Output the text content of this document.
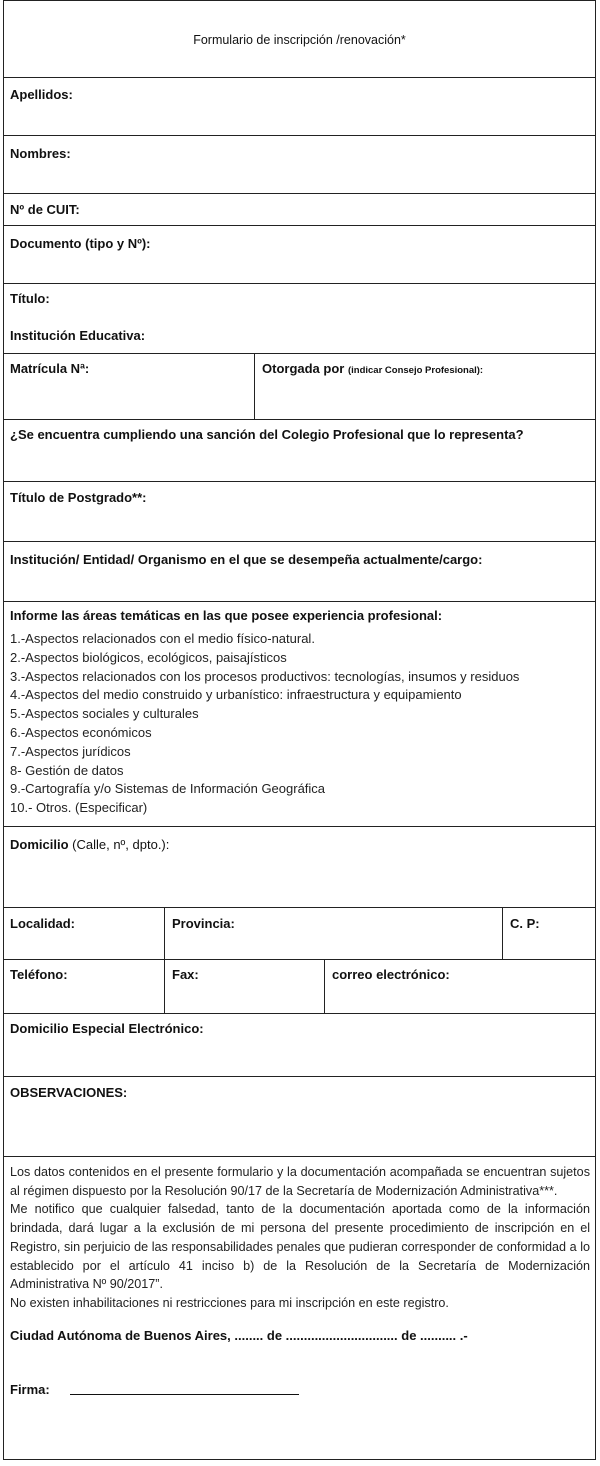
Formulario de inscripción /renovación*
Apellidos:
Nombres:
Nº de CUIT:
Documento (tipo y Nº):
Título:
Institución Educativa:
Matrícula Nª:	Otorgada por (indicar Consejo Profesional):
¿Se encuentra cumpliendo una sanción del Colegio Profesional que lo representa?
Título de Postgrado**:
Institución/ Entidad/ Organismo en el que se desempeña actualmente/cargo:
Informe las áreas temáticas en las que posee experiencia profesional:
1.-Aspectos relacionados con el medio físico-natural.
2.-Aspectos biológicos, ecológicos, paisajísticos
3.-Aspectos relacionados con los procesos productivos: tecnologías, insumos y residuos
4.-Aspectos del medio construido y urbanístico: infraestructura y equipamiento
5.-Aspectos sociales y culturales
6.-Aspectos económicos
7.-Aspectos jurídicos
8- Gestión de datos
9.-Cartografía y/o Sistemas de Información Geográfica
10.- Otros. (Especificar)
Domicilio (Calle, nº, dpto.):
Localidad:	Provincia:	C. P:
Teléfono:	Fax:	correo electrónico:
Domicilio Especial Electrónico:
OBSERVACIONES:

Los datos contenidos en el presente formulario y la documentación acompañada se encuentran sujetos al régimen dispuesto por la Resolución 90/17 de la Secretaría de Modernización Administrativa***.

Me notifico que cualquier falsedad, tanto de la documentación aportada como de la información brindada, dará lugar a la exclusión de mi persona del presente procedimiento de inscripción en el Registro, sin perjuicio de las responsabilidades penales que pudieran corresponder de conformidad a lo establecido por el artículo 41 inciso b) de la Resolución de la Secretaría de Modernización Administrativa Nº 90/2017”.

No existen inhabilitaciones ni restricciones para mi inscripción en este registro.

Ciudad Autónoma de Buenos Aires, ........ de ............................... de .......... .-
Firma:
